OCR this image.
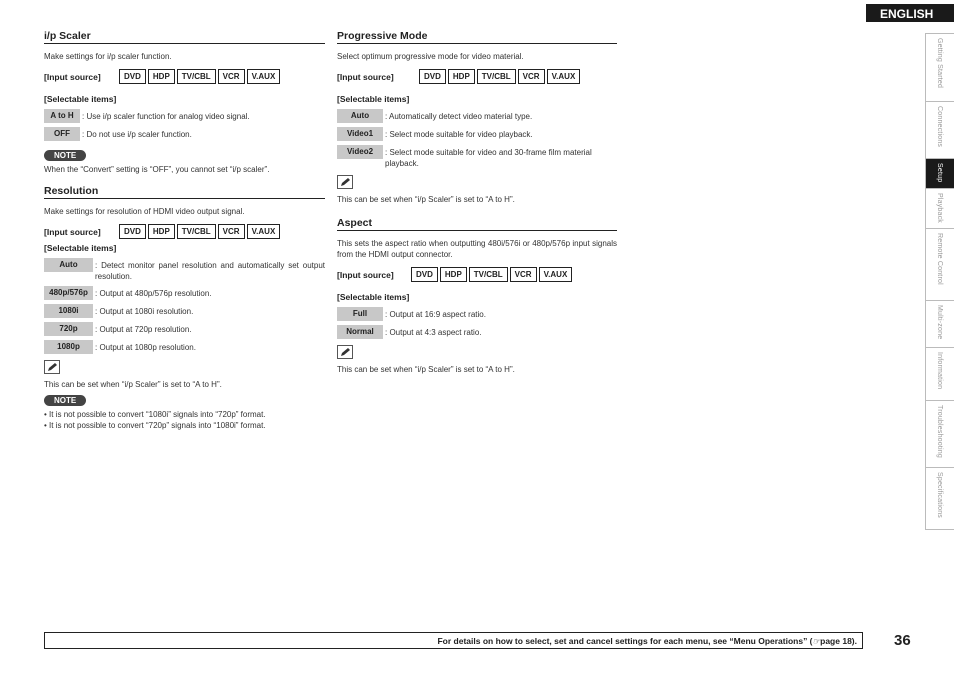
ENGLISH
i/p Scaler
Make settings for i/p scaler function.
[Input source]	DVD	HDP	TV/CBL	VCR	V.AUX
[Selectable items]
A to H	: Use i/p scaler function for analog video signal.
OFF	: Do not use i/p scaler function.
NOTE
When the “Convert” setting is “OFF”, you cannot set “i/p scaler”.
Resolution
Make settings for resolution of HDMI video output signal.
[Input source]	DVD	HDP	TV/CBL	VCR	V.AUX
[Selectable items]
Auto	: Detect monitor panel resolution and automatically set output resolution.
480p/576p : Output at 480p/576p resolution.
1080i	: Output at 1080i resolution.
720p	: Output at 720p resolution.
1080p	: Output at 1080p resolution.
This can be set when “i/p Scaler” is set to “A to H”.
NOTE
• It is not possible to convert “1080i” signals into “720p” format.
• It is not possible to convert “720p” signals into “1080i” format.
Progressive Mode
Select optimum progressive mode for video material.
[Input source]	DVD	HDP	TV/CBL	VCR	V.AUX
[Selectable items]
Auto	: Automatically detect video material type.
Video1	: Select mode suitable for video playback.
Video2	: Select mode suitable for video and 30-frame film material playback.
This can be set when “i/p Scaler” is set to “A to H”.
Aspect
This sets the aspect ratio when outputting 480i/576i or 480p/576p input signals from the HDMI output connector.
[Input source]	DVD	HDP	TV/CBL	VCR	V.AUX
[Selectable items]
Full	: Output at 16:9 aspect ratio.
Normal	: Output at 4:3 aspect ratio.
This can be set when “i/p Scaler” is set to “A to H”.
Getting Started
Connections
Setup
Playback
Remote Control
Multi-zone
Information
Troubleshooting
Specifications
For details on how to select, set and cancel settings for each menu, see “Menu Operations” (☞page 18).	36
